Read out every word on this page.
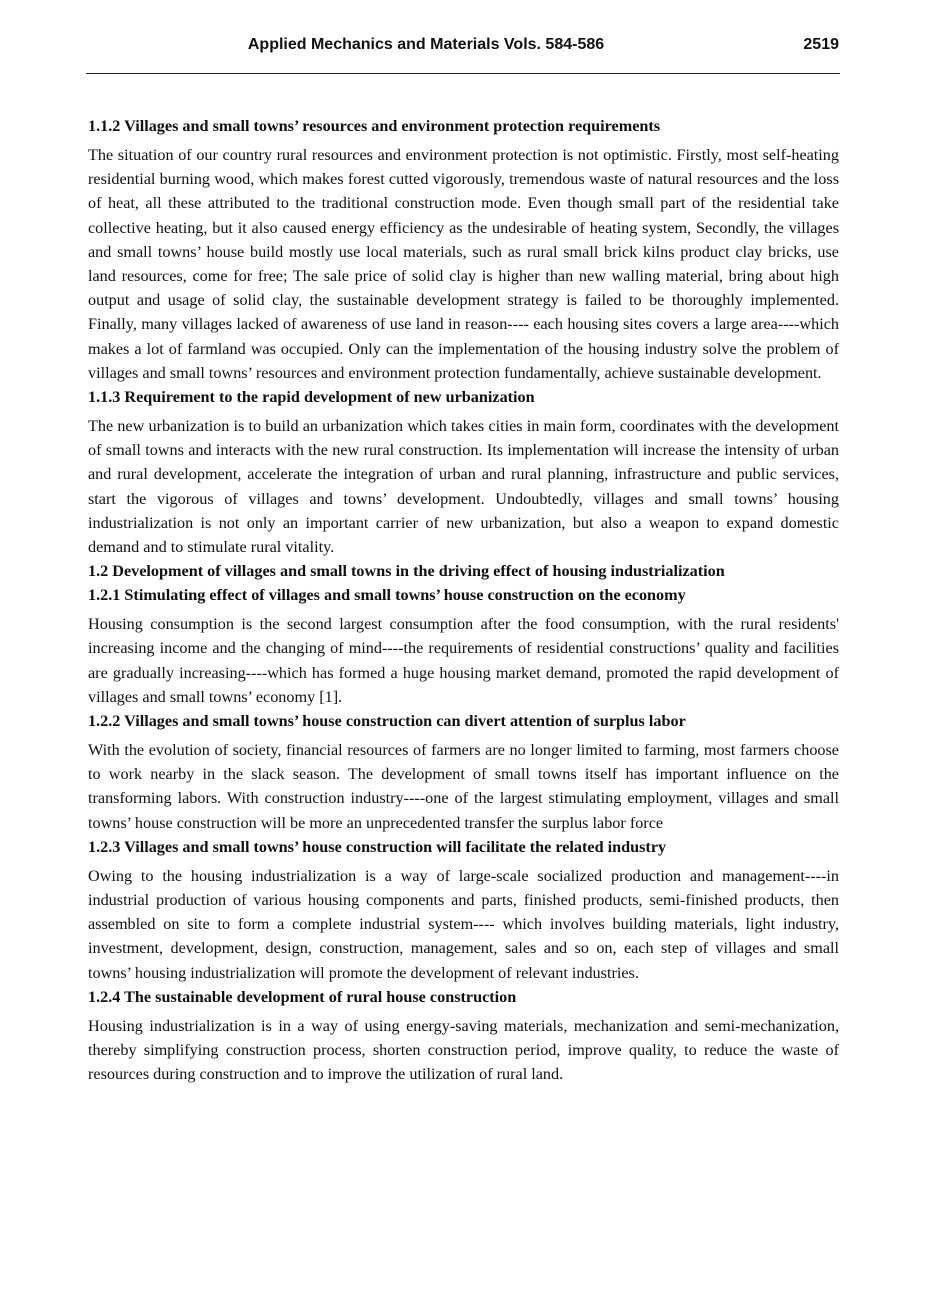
Applied Mechanics and Materials Vols. 584-586	2519
1.1.2 Villages and small towns’ resources and environment protection requirements

The situation of our country rural resources and environment protection is not optimistic. Firstly, most self-heating residential burning wood, which makes forest cutted vigorously, tremendous waste of natural resources and the loss of heat, all these attributed to the traditional construction mode. Even though small part of the residential take collective heating, but it also caused energy efficiency as the undesirable of heating system, Secondly, the villages and small towns’ house build mostly use local materials, such as rural small brick kilns product clay bricks, use land resources, come for free; The sale price of solid clay is higher than new walling material, bring about high output and usage of solid clay, the sustainable development strategy is failed to be thoroughly implemented. Finally, many villages lacked of awareness of use land in reason---- each housing sites covers a large area----which makes a lot of farmland was occupied. Only can the implementation of the housing industry solve the problem of villages and small towns’ resources and environment protection fundamentally, achieve sustainable development.

1.1.3 Requirement to the rapid development of new urbanization

The new urbanization is to build an urbanization which takes cities in main form, coordinates with the development of small towns and interacts with the new rural construction. Its implementation will increase the intensity of urban and rural development, accelerate the integration of urban and rural planning, infrastructure and public services, start the vigorous of villages and towns’ development. Undoubtedly, villages and small towns’ housing industrialization is not only an important carrier of new urbanization, but also a weapon to expand domestic demand and to stimulate rural vitality.

1.2 Development of villages and small towns in the driving effect of housing industrialization
1.2.1 Stimulating effect of villages and small towns’ house construction on the economy

Housing consumption is the second largest consumption after the food consumption, with the rural residents' increasing income and the changing of mind----the requirements of residential constructions’ quality and facilities are gradually increasing----which has formed a huge housing market demand, promoted the rapid development of villages and small towns’ economy [1].

1.2.2 Villages and small towns’ house construction can divert attention of surplus labor

With the evolution of society, financial resources of farmers are no longer limited to farming, most farmers choose to work nearby in the slack season. The development of small towns itself has important influence on the transforming labors. With construction industry----one of the largest stimulating employment, villages and small towns’ house construction will be more an unprecedented transfer the surplus labor force

1.2.3 Villages and small towns’ house construction will facilitate the related industry

Owing to the housing industrialization is a way of large-scale socialized production and management----in industrial production of various housing components and parts, finished products, semi-finished products, then assembled on site to form a complete industrial system---- which involves building materials, light industry, investment, development, design, construction, management, sales and so on, each step of villages and small towns’ housing industrialization will promote the development of relevant industries.

1.2.4 The sustainable development of rural house construction

Housing industrialization is in a way of using energy-saving materials, mechanization and semi-mechanization, thereby simplifying construction process, shorten construction period, improve quality, to reduce the waste of resources during construction and to improve the utilization of rural land.
